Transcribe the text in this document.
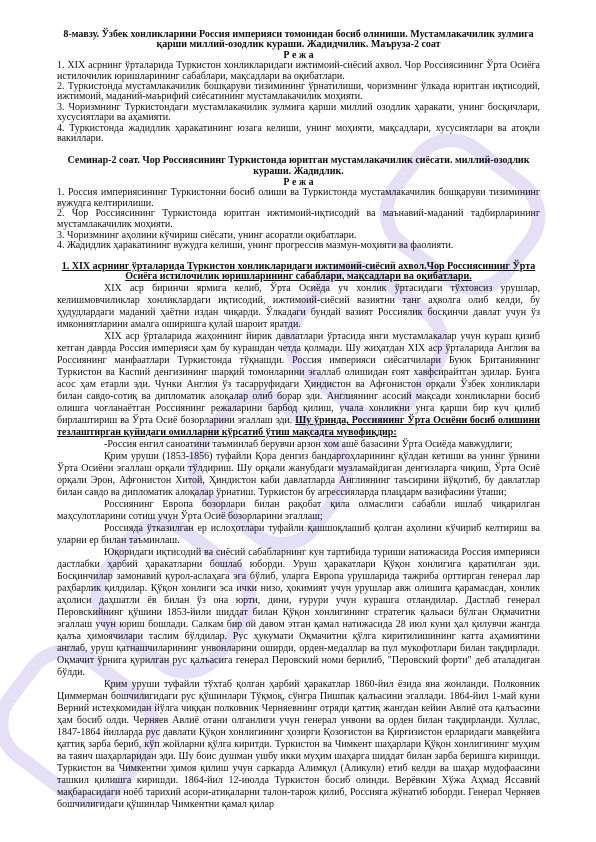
8-мавзу. Ўзбек хонликларини Россия империяси томонидан босиб олиниши. Мустамлакачилик зулмига қарши миллий-озодлик кураши. Жадидчилик. Маъруза-2 соат

Р е ж а

1. XIX асрнинг ўрталарида Туркистон хонликларидаги ижтимоий-сиёсий ахвол. Чор Россиясининг Ўрта Осиёга истилочилик юришларининг сабаблари, мақсадлари ва оқибатлари.

2. Туркистонда мустамлакачилик бошқаруви тизимининг ўрнатилиши, чоризмнинг ўлкада юритган иқтисодий, ижтимоий, маданий-маърифий сиёсатининг мустамлакачилик моҳияти.

3. Чоризмнинг Туркистондаги мустамлакачилик зулмига қарши миллий озодлик ҳаракати, унинг босқичлари, хусусиятлари ва аҳамияти.

4. Туркистонда жадидлик ҳаракатининг юзага келиши, унинг моҳияти, мақсадлари, хусусиятлари ва атоқли вакиллари.

Семинар-2 соат. Чор Россиясининг Туркистонда юритган мустамлакачилик сиёсати. миллий-озодлик кураши. Жадидлик.

Р е ж а

1. Россия империясининг Туркистонни босиб олиши ва Туркистонда мустамлакачилик бошқаруви тизимининг вужудга келтирилиши.

2. Чор Россиясининг Туркистонда юритган ижтимоий-иқтисодий ва маънавий-маданий тадбирларининг мустамлакачилик моҳияти.

3. Чоризмнинг аҳолини кўчириш сиёсати, унинг асоратли оқибатлари.

4. Жадидлик ҳаракатининг вужудга келиши, унинг прогрессив мазмун-моҳияти ва фаолияти.

1. XIX асрнинг ўрталарида Туркистон хонликларидаги ижтимоий-сиёсий ахвол.Чор Россиясининг Ўрта Осиёга истилочилик юришларининг сабаблари, мақсадлари ва оқибатлари.

XIX аср биринчи ярмига келиб, Ўрта Осиёда уч хонлик ўртасидаги тўхтовсиз урушлар, келишмовчиликлар хонликлардаги иқтисодий, ижтимоий-сиёсий вазиятни танг аҳволга олиб келди, бу ҳудудлардаги маданий ҳаётни издан чиқарди. Ўлкадаги бундай вазият Россиялик босқинчи давлат учун ўз имкониятларини амалга оширишга қулай шароит яратди.

XIX аср ўрталарида жаҳоннинг йирик давлатлари ўртасида янги мустамлакалар учун кураш қизиб кетган даврда Россия империяси ҳам бу курашдан четда қолмади. Шу жиҳатдан XIX аср ўрталарида Англия ва Россиянинг манфаатлари Туркистонда тўқнашди. Россия империяси сиёсатчилари Буюк Британиянинг Туркистон ва Каспий денгизининг шарқий томонларини эгаллаб олишидан ғоят хавфсирайтган эдилар. Бунга асос ҳам етарли эди. Чунки Англия ўз тасарруфидаги Ҳиндистон ва Афғонистон орқали Ўзбек хонликлари билан савдо-сотиқ ва дипломатик алоқалар олиб борар эди. Англиянинг асосий мақсади хонликларни босиб олишга чоғланаётган Россиянинг режаларини барбод қилиш, учала хонликни унга қарши бир куч қилиб бирлаштириш ва Ўрта Осиё бозорларини эгаллаш эди. Шу ўринда, Россиянинг Ўрта Осиёни босиб олишини тезлаштирган қуйидаги омилларни кўрсатиб ўтиш мақсадга мувофиқдир:

-Россия енгил саноатини таъминлаб берувчи арзон хом ашё базасини Ўрта Осиёда мавжудлиги;

Қрим уруши (1853-1856) туфайли Қора денгиз бандаргоҳларининг қўлдан кетиши ва унинг ўрнини Ўрта Осиёни эгаллаш орқали тўлдириш. Шу орқали жанубдаги музламайдиган денгизларга чиқиш, Ўрта Осиё орқали Эрон, Афғонистон Хитой, Ҳиндистон каби давлатларда Англиянинг таъсирини йўқотиб, бу давлатлар билан савдо ва дипломатик алоқалар ўрнатиш. Туркистон бу агрессияларда плацдарм вазифасини ўташи;

Россиянинг Европа бозорлари билан рақобат қила олмаслиги сабабли ишлаб чиқарилган маҳсулотларини сотиш учун Ўрта Осиё бозорларини эгаллаш;

Россияда ўтказилган ер ислоҳотлари туфайли қашшоқлашиб қолган аҳолини кўчириб келтириш ва уларни ер билан таъминлаш.

Юқоридаги иқтисодий ва сиёсий сабабларнинг кун тартибида туриши натижасида Россия империяси дастлабки ҳарбий ҳаракатларни бошлаб юборди. Уруш ҳаракатлари Қўқон хонлигига қаратилган эди. Босқинчилар замонавий қурол-аслаҳага эга бўлиб, уларга Европа урушларида тажриба орттирган генерал лар раҳбарлик қилдилар. Қўқон хонлиги эса ички низо, ҳокимият учун урушлар авж олишига қарамасдан, хонлик аҳолиси даҳшатли ёв билан ўз она юрти, дини, ғурури учун курашга отландилар. Дастлаб генерал Перовскийнинг қўшини 1853-йили шиддат билан Қўқон хонлигининг стратегик қальаси бўлган Оқмачитни эгаллаш учун юриш бошлади. Салкам бир ой давом этган қамал натижасида 28 июл куни ҳал қилувчи жангда қалъа ҳимоячилари таслим бўлдилар. Рус ҳукумати Оқмачитни қўлга киритилишининг катта аҳамиятини англаб, уруш қатнашчиларининг унвонларини оширди, орден-медаллар ва пул мукофотлари билан тақдирлади. Оқмачит ўрнига қурилган рус қалъасига генерал Перовский номи берилиб, "Перовский форти" деб аталадиган бўлди.

Қрим уруши туфайли тўхтаб қолган ҳарбий ҳаракатлар 1860-йил ёзида яна жонланди. Полковник Циммерман бошчилигидаги рус қўшинлари Тўқмоқ, сўнгра Пишпак қалъасини эгаллади. 1864-йил 1-май куни Верний истеҳкомидан йўлга чиққан полковник Черняевнинг отряди қаттиқ жангдан кейин Авлиё ота қалъасини ҳам босиб олди. Черняев Авлиё отани олганлиги учун генерал унвони ва орден билан тақдирланди. Хуллас, 1847-1864 йилларда рус давлати Қўқон хонлигининг ҳозирги Қозоғистон ва Қирғизистон ерларидаги мавқейига қаттиқ зарба бериб, кўп жойларни қўлга киритди. Туркистон ва Чимкент шаҳарлари Қўқон хонлигининг муҳим ва таянч шаҳарларидан эди. Шу боис душман ушбу икки муҳим шаҳарга шиддат билан зарба беришга киришди. Туркистон ва Чимкентни ҳимоя қилиш учун саркарда Алимқул (Аликули) етиб келди ва шаҳар мудофаасини ташкил қилишга киришди. 1864-йил 12-июлда Туркистон босиб олинди. Верёвкин Хўжа Аҳмад Яссавий мақбарасидаги ноёб тарихий асори-атиқаларни талон-тарож қилиб, Россияга жўнатиб юборди. Генерал Черняев бошчилигидаги қўшинлар Чимкентни қамал қилар
